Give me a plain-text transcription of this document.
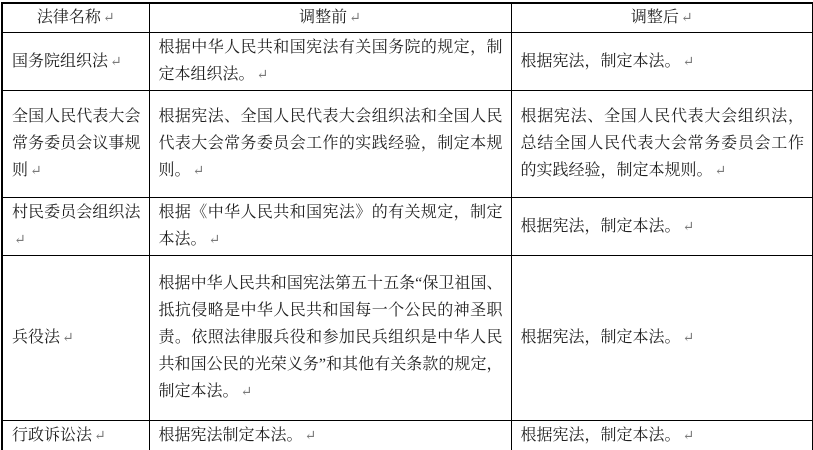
法律名称 ↵	调整前 ↵	调整后 ↵
国务院组织法 ↵	根据中华人民共和国宪法有关国务院的规定，制定本组织法。 ↵	根据宪法，制定本法。 ↵
全国人民代表大会常务委员会议事规则 ↵	根据宪法、全国人民代表大会组织法和全国人民代表大会常务委员会工作的实践经验，制定本规则。 ↵	根据宪法、全国人民代表大会组织法，总结全国人民代表大会常务委员会工作的实践经验，制定本规则。 ↵
村民委员会组织法↵	根据《中华人民共和国宪法》的有关规定，制定本法。 ↵	根据宪法，制定本法。 ↵
兵役法 ↵	根据中华人民共和国宪法第五十五条“保卫祖国、抵抗侵略是中华人民共和国每一个公民的神圣职责。依照法律服兵役和参加民兵组织是中华人民共和国公民的光荣义务”和其他有关条款的规定，制定本法。 ↵	根据宪法，制定本法。 ↵
行政诉讼法 ↵	根据宪法制定本法。 ↵	根据宪法，制定本法。 ↵
